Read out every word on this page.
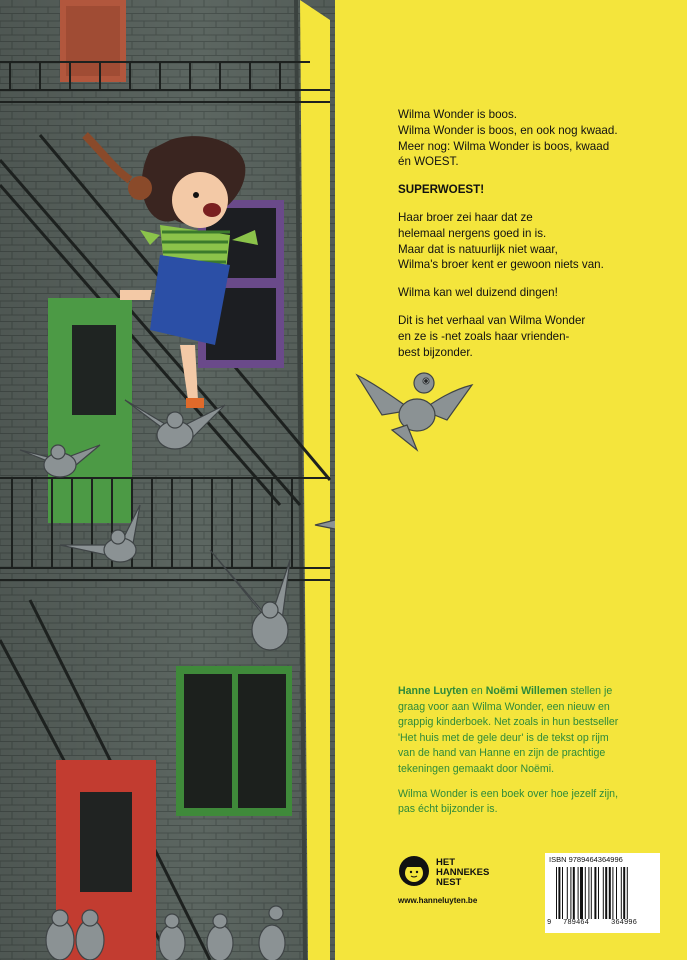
Wilma Wonder is boos.
Wilma Wonder is boos, en ook nog kwaad.
Meer nog: Wilma Wonder is boos, kwaad
én WOEST.

SUPERWOEST!

Haar broer zei haar dat ze
helemaal nergens goed in is.
Maar dat is natuurlijk niet waar,
Wilma's broer kent er gewoon niets van.

Wilma kan wel duizend dingen!

Dit is het verhaal van Wilma Wonder
en ze is -net zoals haar vrienden-
best bijzonder.

Hanne Luyten en Noëmi Willemen stellen je
graag voor aan Wilma Wonder, een nieuw en
grappig kinderboek. Net zoals in hun bestseller
'Het huis met de gele deur' is de tekst op rijm
van de hand van Hanne en zijn de prachtige
tekeningen gemaakt door Noëmi.

Wilma Wonder is een boek over hoe jezelf zijn,
pas écht bijzonder is.

HET
HANNEKES
NEST
www.hanneluyten.be
ISBN 9789464364996
9 789464	364996
